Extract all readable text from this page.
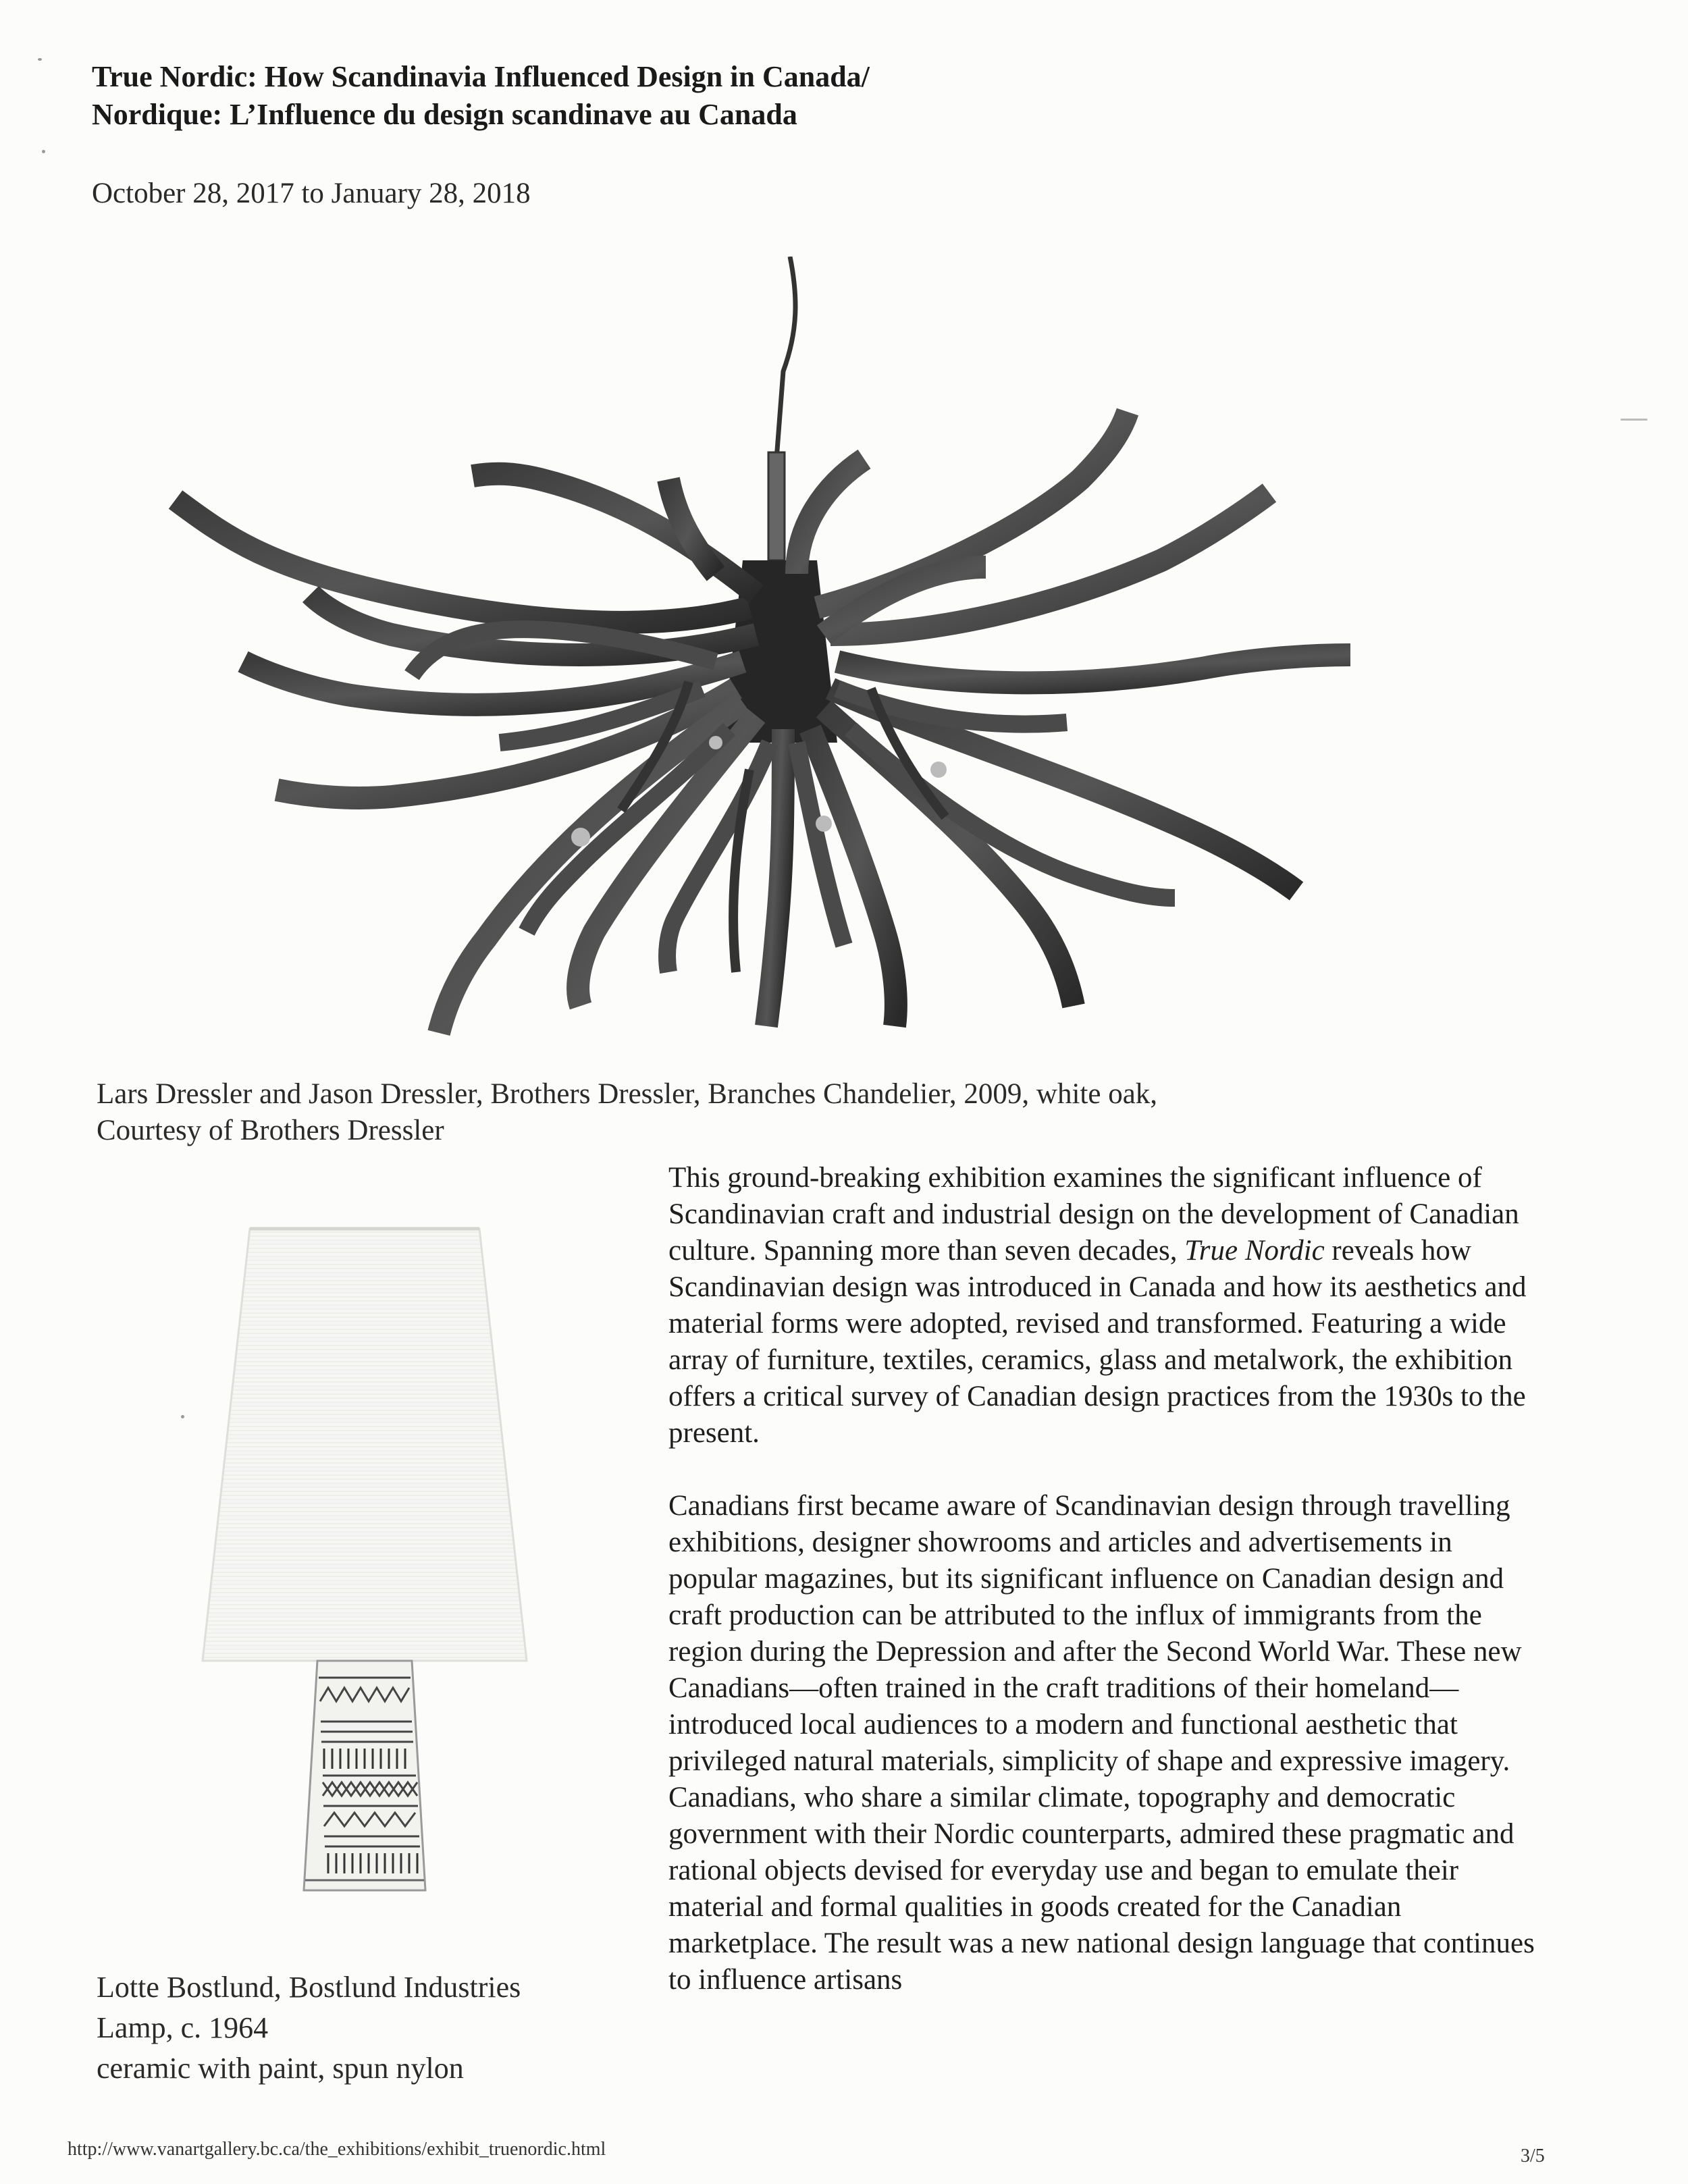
True Nordic: How Scandinavia Influenced Design in Canada/
Nordique: L’Influence du design scandinave au Canada
October 28, 2017 to January 28, 2018
Lars Dressler and Jason Dressler, Brothers Dressler, Branches Chandelier, 2009, white oak,
Courtesy of Brothers Dressler
Lotte Bostlund, Bostlund Industries
Lamp, c. 1964
ceramic with paint, spun nylon

This ground-breaking exhibition examines the significant influence of Scandinavian craft and industrial design on the development of Canadian culture. Spanning more than seven decades, True Nordic reveals how Scandinavian design was introduced in Canada and how its aesthetics and material forms were adopted, revised and transformed. Featuring a wide array of furniture, textiles, ceramics, glass and metalwork, the exhibition offers a critical survey of Canadian design practices from the 1930s to the present.

Canadians first became aware of Scandinavian design through travelling exhibitions, designer showrooms and articles and advertisements in popular magazines, but its significant influence on Canadian design and craft production can be attributed to the influx of immigrants from the region during the Depression and after the Second World War. These new Canadians—often trained in the craft traditions of their homeland—introduced local audiences to a modern and functional aesthetic that privileged natural materials, simplicity of shape and expressive imagery. Canadians, who share a similar climate, topography and democratic government with their Nordic counterparts, admired these pragmatic and rational objects devised for everyday use and began to emulate their material and formal qualities in goods created for the Canadian marketplace. The result was a new national design language that continues to influence artisans

http://www.vanartgallery.bc.ca/the_exhibitions/exhibit_truenordic.html	3/5
